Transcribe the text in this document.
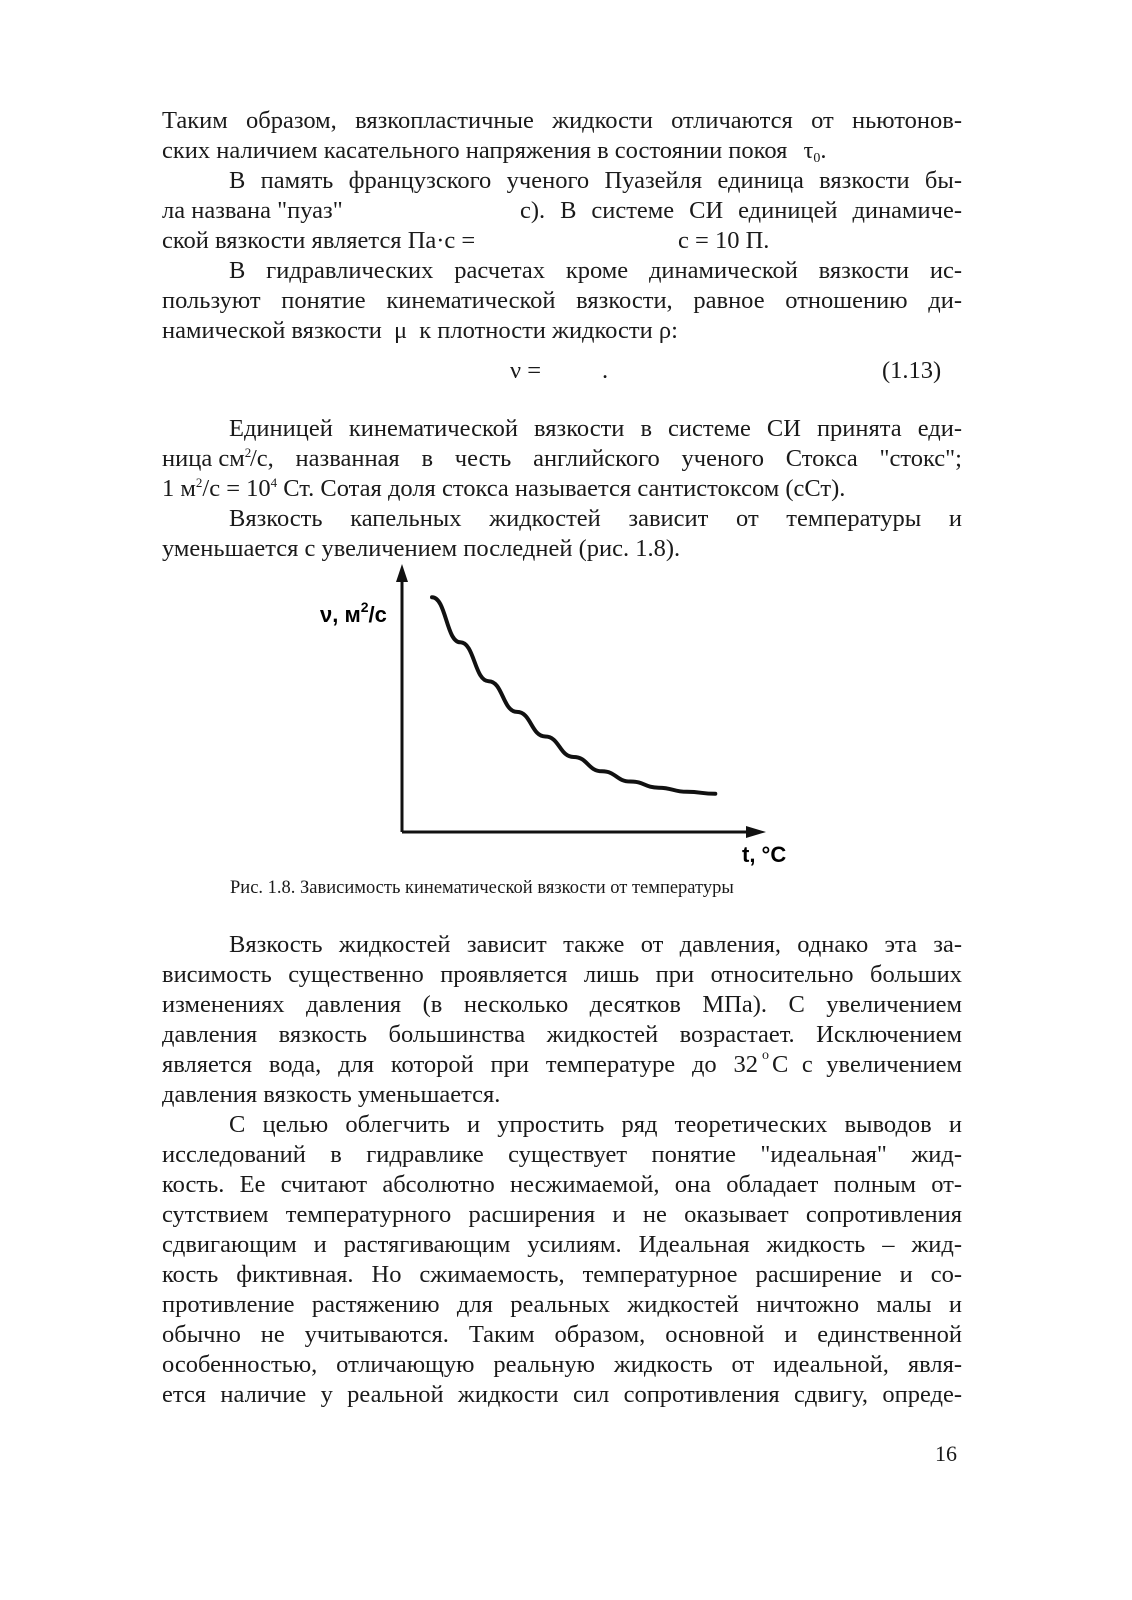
Таким образом, вязкопластичные жидкости отличаются от ньютонов-
ских наличием касательного напряжения в состоянии покоя $\tau_0$.
В память французского ученого Пуазейля единица вязкости бы-
ла названа "пуаз"	с). В системе СИ единицей динамиче-
ской вязкости является Па·с =	с = 10 П.
В гидравлических расчетах кроме динамической вязкости ис-
пользуют понятие кинематической вязкости, равное отношению ди-
намической вязкости μ к плотности жидкости ρ:
ν = .	(1.13)
Единицей кинематической вязкости в системе СИ принята еди-
ница $см^2$
/с, названная в честь английского ученого Стокса "стокс";
1 $м^2/с = 10^4$ Ст. Сотая доля стокса называется сантистоксом (сСт).
Вязкость капельных жидкостей зависит от температуры и
уменьшается с увеличением последней (рис. 1.8).
ν, $м^2/с$
t, °C
Рис. 1.8. Зависимость кинематической вязкости от температуры
Вязкость жидкостей зависит также от давления, однако эта за-
висимость существенно проявляется лишь при относительно больших
изменениях давления (в несколько десятков МПа). С увеличением
давления вязкость большинства жидкостей возрастает. Исключением
является вода, для которой при температуре до 32 o С с увеличением
давления вязкость уменьшается.
С целью облегчить и упростить ряд теоретических выводов и
исследований в гидравлике существует понятие "идеальная" жид-
кость. Ее считают абсолютно несжимаемой, она обладает полным от-
сутствием температурного расширения и не оказывает сопротивления
сдвигающим и растягивающим усилиям. Идеальная жидкость – жид-
кость фиктивная. Но сжимаемость, температурное расширение и со-
противление растяжению для реальных жидкостей ничтожно малы и
обычно не учитываются. Таким образом, основной и единственной
особенностью, отличающую реальную жидкость от идеальной, явля-
ется наличие у реальной жидкости сил сопротивления сдвигу, опреде-
16
